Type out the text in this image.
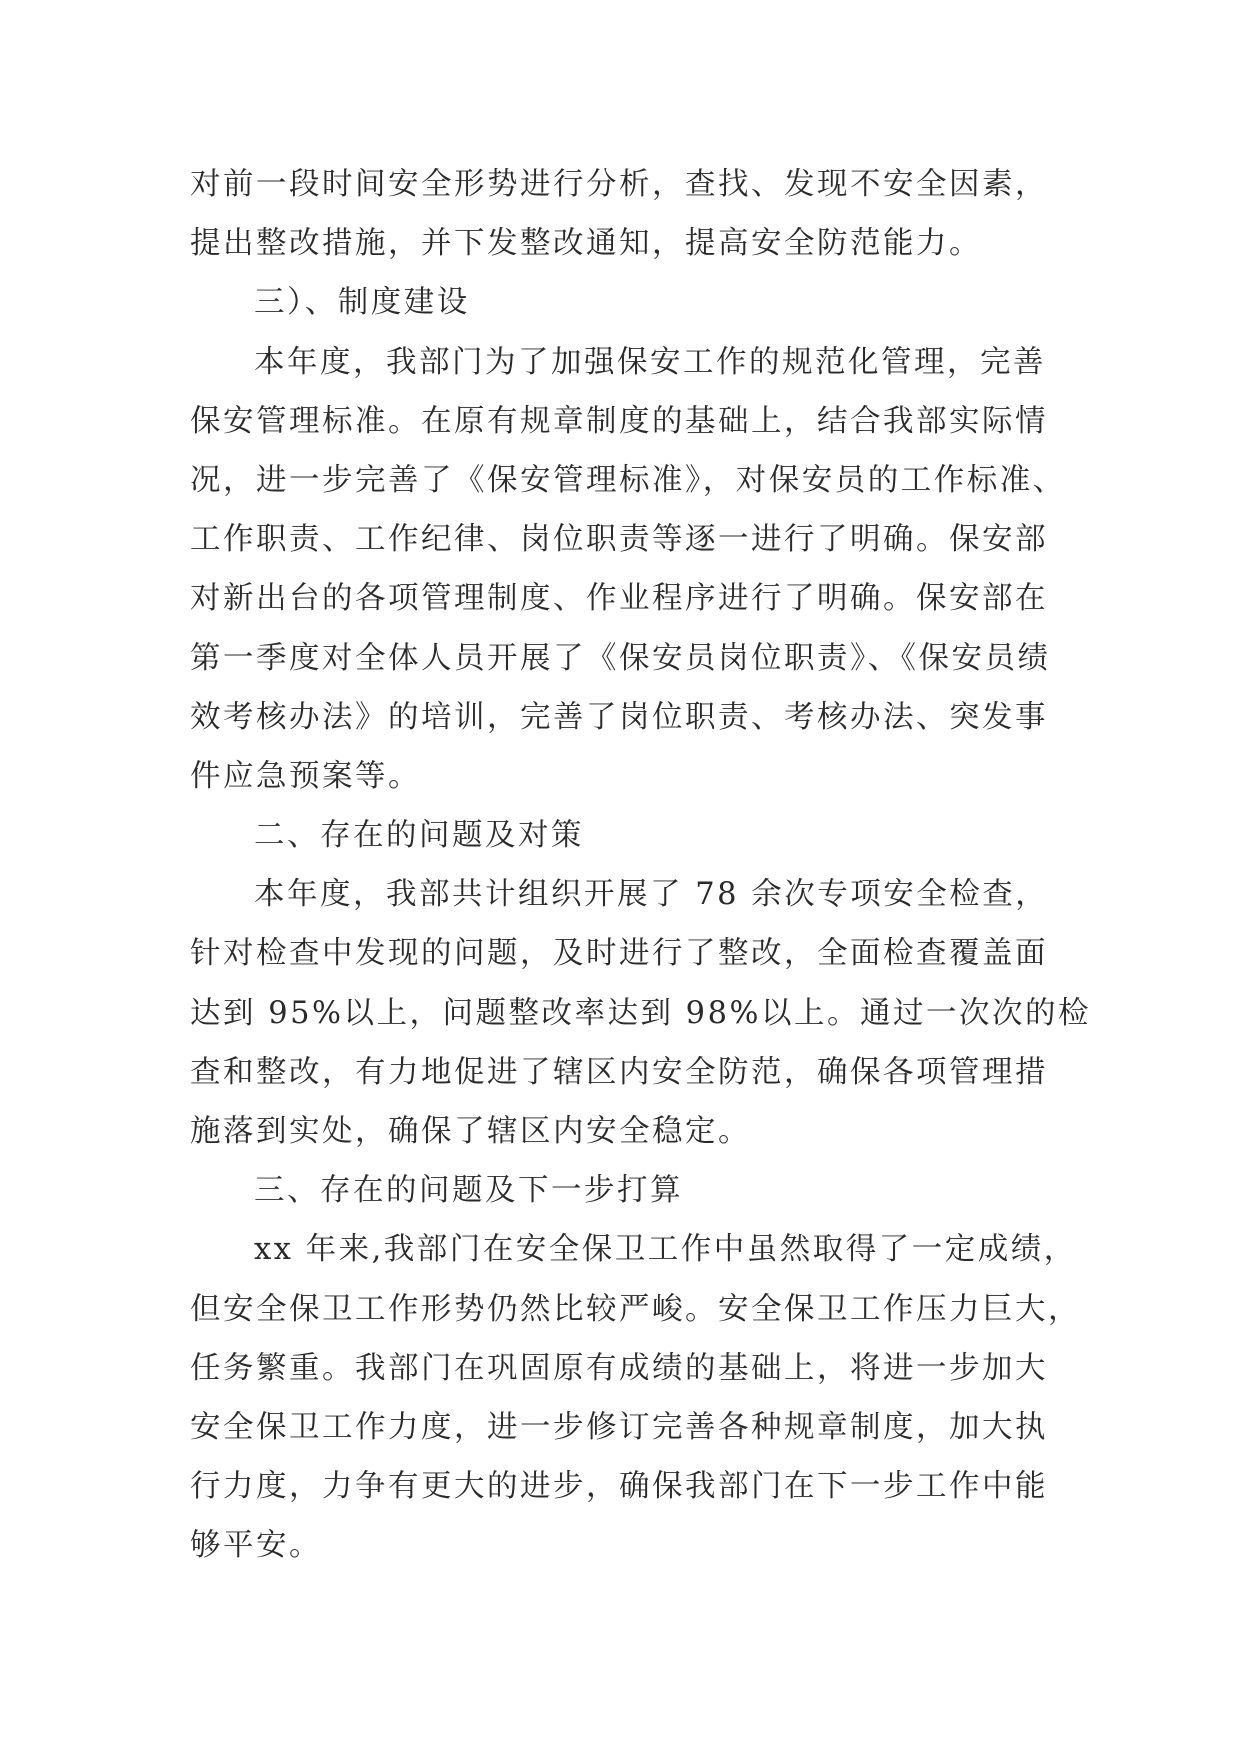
对前一段时间安全形势进行分析，查找、发现不安全因素，
提出整改措施，并下发整改通知，提高安全防范能力。
三）、制度建设
本年度，我部门为了加强保安工作的规范化管理，完善
保安管理标准。在原有规章制度的基础上，结合我部实际情
况，进一步完善了《保安管理标准》，对保安员的工作标准、
工作职责、工作纪律、岗位职责等逐一进行了明确。保安部
对新出台的各项管理制度、作业程序进行了明确。保安部在
第一季度对全体人员开展了《保安员岗位职责》、《保安员绩
效考核办法》的培训，完善了岗位职责、考核办法、突发事
件应急预案等。
二、存在的问题及对策
本年度，我部共计组织开展了 78 余次专项安全检查，
针对检查中发现的问题，及时进行了整改，全面检查覆盖面
达到 95%以上，问题整改率达到 98%以上。通过一次次的检
查和整改，有力地促进了辖区内安全防范，确保各项管理措
施落到实处，确保了辖区内安全稳定。
三、存在的问题及下一步打算
xx 年来,我部门在安全保卫工作中虽然取得了一定成绩，
但安全保卫工作形势仍然比较严峻。安全保卫工作压力巨大，
任务繁重。我部门在巩固原有成绩的基础上，将进一步加大
安全保卫工作力度，进一步修订完善各种规章制度，加大执
行力度，力争有更大的进步，确保我部门在下一步工作中能
够平安。
